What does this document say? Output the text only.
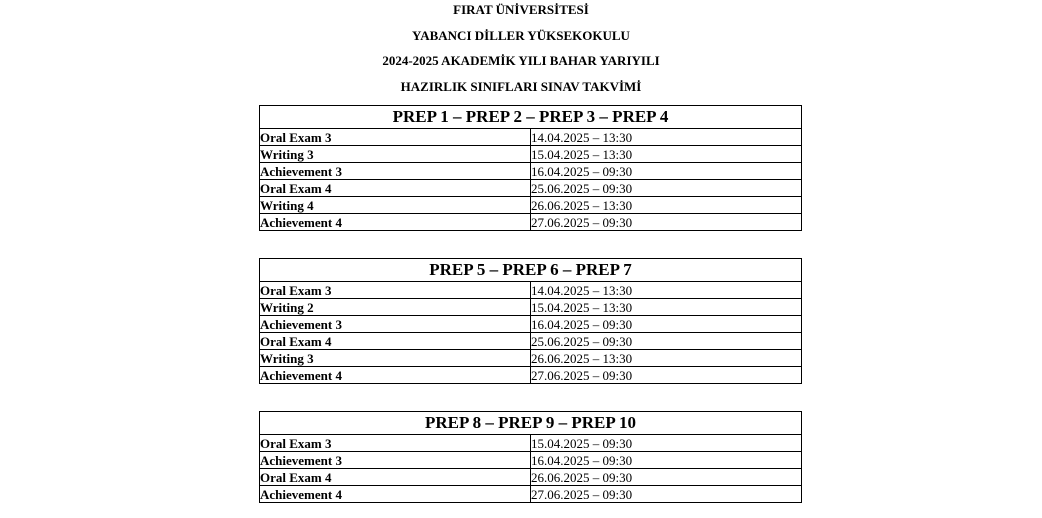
FIRAT ÜNİVERSİTESİ
YABANCI DİLLER YÜKSEKOKULU
2024-2025 AKADEMİK YILI BAHAR YARIYILI
HAZIRLIK SINIFLARI SINAV TAKVİMİ
PREP 1 – PREP 2 – PREP 3 – PREP 4	
Oral Exam 3	14.04.2025 – 13:30
Writing 3	15.04.2025 – 13:30
Achievement 3	16.04.2025 – 09:30
Oral Exam 4	25.06.2025 – 09:30
Writing 4	26.06.2025 – 13:30
Achievement 4	27.06.2025 – 09:30
PREP 5 – PREP 6 – PREP 7	
Oral Exam 3	14.04.2025 – 13:30
Writing 2	15.04.2025 – 13:30
Achievement 3	16.04.2025 – 09:30
Oral Exam 4	25.06.2025 – 09:30
Writing 3	26.06.2025 – 13:30
Achievement 4	27.06.2025 – 09:30
PREP 8 – PREP 9 – PREP 10	
Oral Exam 3	15.04.2025 – 09:30
Achievement 3	16.04.2025 – 09:30
Oral Exam 4	26.06.2025 – 09:30
Achievement 4	27.06.2025 – 09:30
